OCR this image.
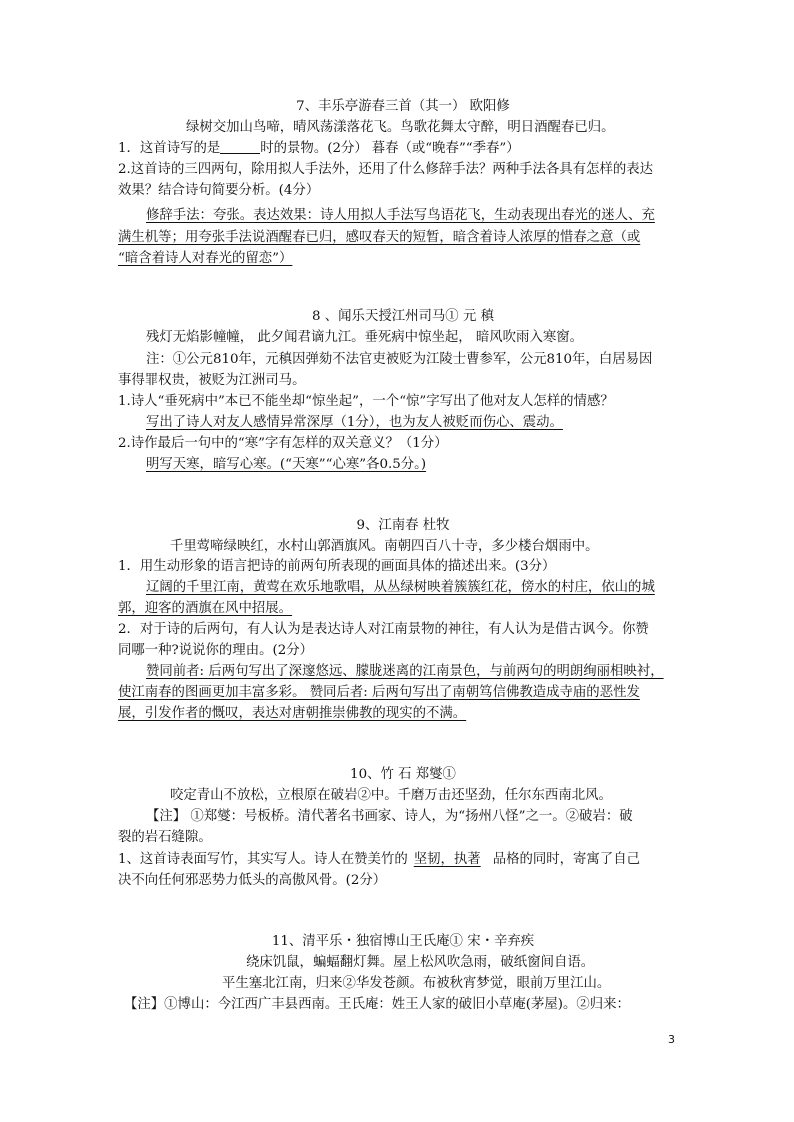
7、丰乐亭游春三首（其一） 欧阳修
绿树交加山鸟啼，晴风荡漾落花飞。鸟歌花舞太守醉，明日酒醒春已归。
1．这首诗写的是	时的景物。(2分） 暮春（或“晚春”“季春”）
2.这首诗的三四两句，除用拟人手法外，还用了什么修辞手法？两种手法各具有怎样的表达
效果？结合诗句简要分析。(4分）
修辞手法：夸张。表达效果：诗人用拟人手法写鸟语花飞，生动表现出春光的迷人、充
满生机等；用夸张手法说酒醒春已归，感叹春天的短暂，暗含着诗人浓厚的惜春之意（或
“暗含着诗人对春光的留恋”）
8 、闻乐天授江州司马① 元 稹
残灯无焰影幢幢， 此夕闻君谪九江。垂死病中惊坐起， 暗风吹雨入寒窗。
注：①公元810年，元稹因弹劾不法官吏被贬为江陵士曹参军，公元810年，白居易因
事得罪权贵，被贬为江洲司马。
1.诗人“垂死病中”本已不能坐却“惊坐起”，一个“惊”字写出了他对友人怎样的情感？
写出了诗人对友人感情异常深厚（1分），也为友人被贬而伤心、震动。
2.诗作最后一句中的“寒”字有怎样的双关意义？（1分）
明写天寒，暗写心寒。(“天寒”“心寒”各0.5分。)
9、江南春 杜牧
千里莺啼绿映红，水村山郭酒旗风。南朝四百八十寺，多少楼台烟雨中。
1．用生动形象的语言把诗的前两句所表现的画面具体的描述出来。(3分）
辽阔的千里江南，黄莺在欢乐地歌唱，从丛绿树映着簇簇红花，傍水的村庄，依山的城
郭，迎客的酒旗在风中招展。
2．对于诗的后两句，有人认为是表达诗人对江南景物的神往，有人认为是借古讽今。你赞
同哪一种?说说你的理由。(2分）
赞同前者: 后两句写出了深邃悠远、朦胧迷离的江南景色，与前两句的明朗绚丽相映衬，
使江南春的图画更加丰富多彩。 赞同后者: 后两句写出了南朝笃信佛教造成寺庙的恶性发
展，引发作者的慨叹，表达对唐朝推崇佛教的现实的不满。
10、竹 石 郑燮①
咬定青山不放松，立根原在破岩②中。千磨万击还坚劲，任尔东西南北风。
【注】 ①郑燮：号板桥。清代著名书画家、诗人，为“扬州八怪”之一。②破岩：破
裂的岩石缝隙。
1、这首诗表面写竹，其实写人。诗人在赞美竹的 坚韧，执著 品格的同时，寄寓了自己
决不向任何邪恶势力低头的高傲风骨。(2分）
11、清平乐・独宿博山王氏庵① 宋・辛弃疾
绕床饥鼠，蝙蝠翻灯舞。屋上松风吹急雨，破纸窗间自语。
平生塞北江南，归来②华发苍颜。布被秋宵梦觉，眼前万里江山。
【注】①博山：今江西广丰县西南。王氏庵：姓王人家的破旧小草庵(茅屋)。②归来：
3
